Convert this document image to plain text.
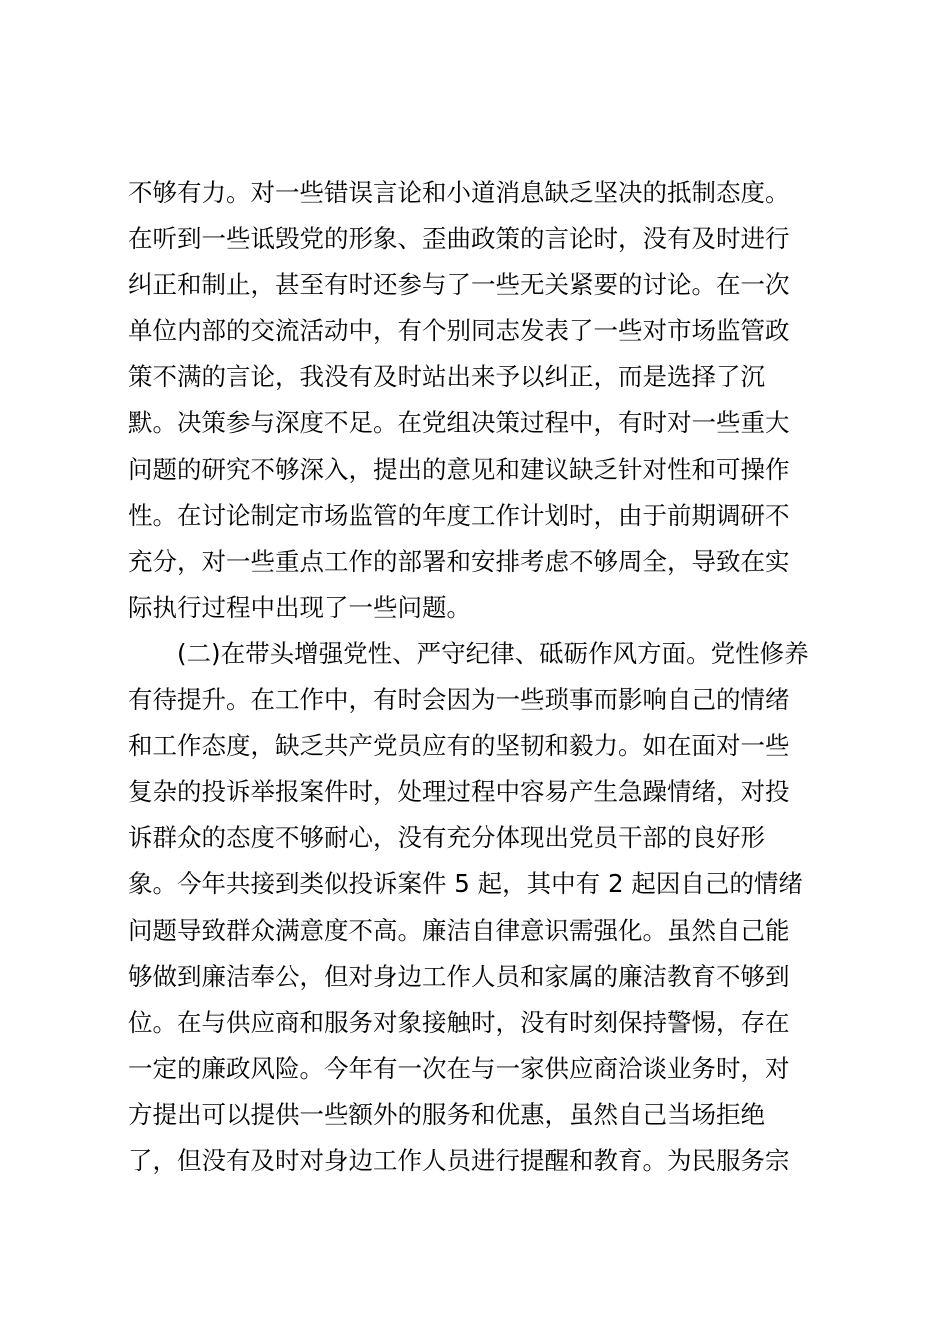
不够有力。对一些错误言论和小道消息缺乏坚决的抵制态度。
在听到一些诋毁党的形象、歪曲政策的言论时，没有及时进行
纠正和制止，甚至有时还参与了一些无关紧要的讨论。在一次
单位内部的交流活动中，有个别同志发表了一些对市场监管政
策不满的言论，我没有及时站出来予以纠正，而是选择了沉
默。决策参与深度不足。在党组决策过程中，有时对一些重大
问题的研究不够深入，提出的意见和建议缺乏针对性和可操作
性。在讨论制定市场监管的年度工作计划时，由于前期调研不
充分，对一些重点工作的部署和安排考虑不够周全，导致在实
际执行过程中出现了一些问题。
(二)在带头增强党性、严守纪律、砥砺作风方面。党性修养
有待提升。在工作中，有时会因为一些琐事而影响自己的情绪
和工作态度，缺乏共产党员应有的坚韧和毅力。如在面对一些
复杂的投诉举报案件时，处理过程中容易产生急躁情绪，对投
诉群众的态度不够耐心，没有充分体现出党员干部的良好形
象。今年共接到类似投诉案件 5 起，其中有 2 起因自己的情绪
问题导致群众满意度不高。廉洁自律意识需强化。虽然自己能
够做到廉洁奉公，但对身边工作人员和家属的廉洁教育不够到
位。在与供应商和服务对象接触时，没有时刻保持警惕，存在
一定的廉政风险。今年有一次在与一家供应商洽谈业务时，对
方提出可以提供一些额外的服务和优惠，虽然自己当场拒绝
了，但没有及时对身边工作人员进行提醒和教育。为民服务宗
